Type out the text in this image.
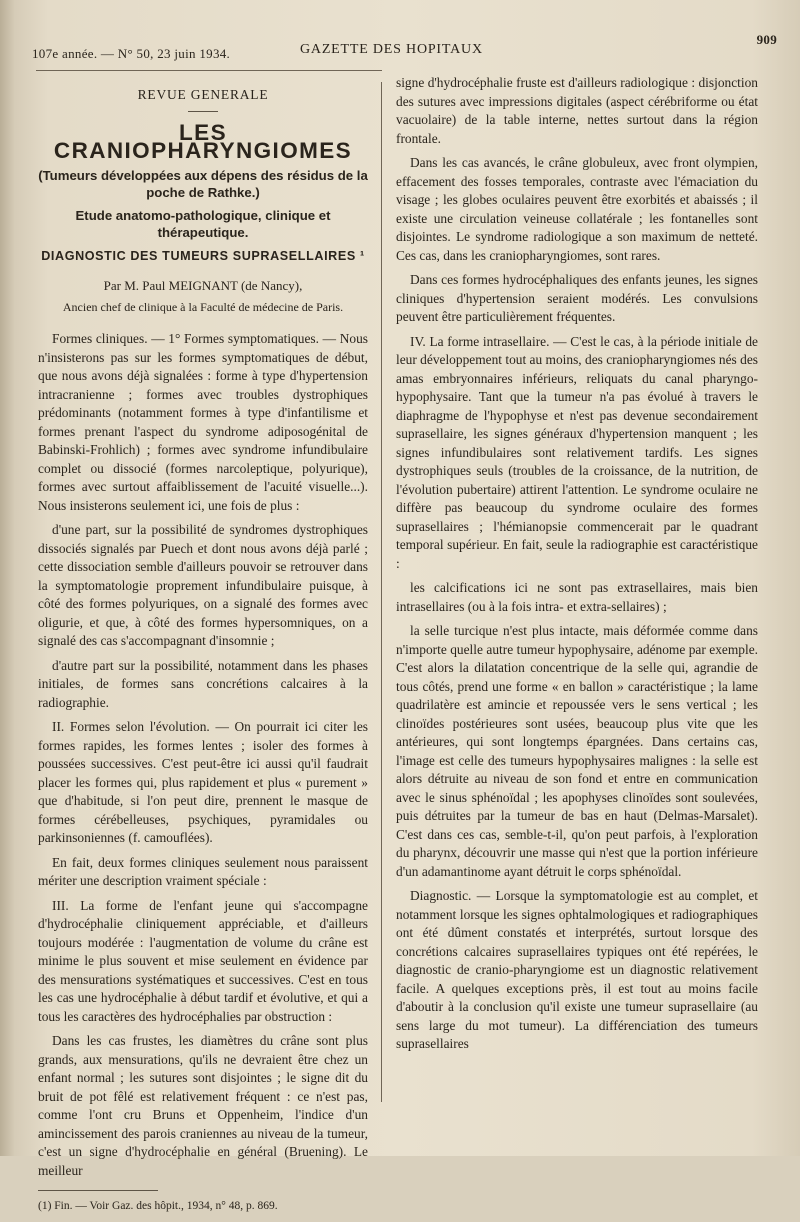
107e année. — N° 50, 23 juin 1934.	GAZETTE DES HOPITAUX
909
REVUE GENERALE
LES CRANIOPHARYNGIOMES
(Tumeurs développées aux dépens des résidus de la poche de Rathke.)
Etude anatomo-pathologique, clinique et thérapeutique.
DIAGNOSTIC DES TUMEURS SUPRASELLAIRES ¹
Par M. Paul MEIGNANT (de Nancy),
Ancien chef de clinique à la Faculté de médecine de Paris.

Formes cliniques. — 1° Formes symptomatiques. — Nous n'insisterons pas sur les formes symptomatiques de début, que nous avons déjà signalées : forme à type d'hypertension intracranienne ; formes avec troubles dystrophiques prédominants (notamment formes à type d'infantilisme et formes prenant l'aspect du syndrome adiposogénital de Babinski-Frohlich) ; formes avec syndrome infundibulaire complet ou dissocié (formes narcoleptique, polyurique), formes avec surtout affaiblissement de l'acuité visuelle...). Nous insisterons seulement ici, une fois de plus :

d'une part, sur la possibilité de syndromes dystrophiques dissociés signalés par Puech et dont nous avons déjà parlé ; cette dissociation semble d'ailleurs pouvoir se retrouver dans la symptomatologie proprement infundibulaire puisque, à côté des formes polyuriques, on a signalé des formes avec oligurie, et que, à côté des formes hypersomniques, on a signalé des cas s'accompagnant d'insomnie ;

d'autre part sur la possibilité, notamment dans les phases initiales, de formes sans concrétions calcaires à la radiographie.

II. Formes selon l'évolution. — On pourrait ici citer les formes rapides, les formes lentes ; isoler des formes à poussées successives. C'est peut-être ici aussi qu'il faudrait placer les formes qui, plus rapidement et plus « purement » que d'habitude, si l'on peut dire, prennent le masque de formes cérébelleuses, psychiques, pyramidales ou parkinsoniennes (f. camouflées).

En fait, deux formes cliniques seulement nous paraissent mériter une description vraiment spéciale :

III. La forme de l'enfant jeune qui s'accompagne d'hydrocéphalie cliniquement appréciable, et d'ailleurs toujours modérée : l'augmentation de volume du crâne est minime le plus souvent et mise seulement en évidence par des mensurations systématiques et successives. C'est en tous les cas une hydrocéphalie à début tardif et évolutive, et qui a tous les caractères des hydrocéphalies par obstruction :

Dans les cas frustes, les diamètres du crâne sont plus grands, aux mensurations, qu'ils ne devraient être chez un enfant normal ; les sutures sont disjointes ; le signe dit du bruit de pot fêlé est relativement fréquent : ce n'est pas, comme l'ont cru Bruns et Oppenheim, l'indice d'un amincissement des parois craniennes au niveau de la tumeur, c'est un signe d'hydrocéphalie en général (Bruening). Le meilleur

(1) Fin. — Voir Gaz. des hôpit., 1934, n° 48, p. 869.

signe d'hydrocéphalie fruste est d'ailleurs radiologique : disjonction des sutures avec impressions digitales (aspect cérébriforme ou état vacuolaire) de la table interne, nettes surtout dans la région frontale.

Dans les cas avancés, le crâne globuleux, avec front olympien, effacement des fosses temporales, contraste avec l'émaciation du visage ; les globes oculaires peuvent être exorbités et abaissés ; il existe une circulation veineuse collatérale ; les fontanelles sont disjointes. Le syndrome radiologique a son maximum de netteté. Ces cas, dans les craniopharyngiomes, sont rares.

Dans ces formes hydrocéphaliques des enfants jeunes, les signes cliniques d'hypertension seraient modérés. Les convulsions peuvent être particulièrement fréquentes.

IV. La forme intrasellaire. — C'est le cas, à la période initiale de leur développement tout au moins, des craniopharyngiomes nés des amas embryonnaires inférieurs, reliquats du canal pharyngo-hypophysaire. Tant que la tumeur n'a pas évolué à travers le diaphragme de l'hypophyse et n'est pas devenue secondairement suprasellaire, les signes généraux d'hypertension manquent ; les signes infundibulaires sont relativement tardifs. Les signes dystrophiques seuls (troubles de la croissance, de la nutrition, de l'évolution pubertaire) attirent l'attention. Le syndrome oculaire ne diffère pas beaucoup du syndrome oculaire des formes suprasellaires ; l'hémianopsie commencerait par le quadrant temporal supérieur. En fait, seule la radiographie est caractéristique :

les calcifications ici ne sont pas extrasellaires, mais bien intrasellaires (ou à la fois intra- et extra-sellaires) ;

la selle turcique n'est plus intacte, mais déformée comme dans n'importe quelle autre tumeur hypophysaire, adénome par exemple. C'est alors la dilatation concentrique de la selle qui, agrandie de tous côtés, prend une forme « en ballon » caractéristique ; la lame quadrilatère est amincie et repoussée vers le sens vertical ; les clinoïdes postérieures sont usées, beaucoup plus vite que les antérieures, qui sont longtemps épargnées. Dans certains cas, l'image est celle des tumeurs hypophysaires malignes : la selle est alors détruite au niveau de son fond et entre en communication avec le sinus sphénoïdal ; les apophyses clinoïdes sont soulevées, puis détruites par la tumeur de bas en haut (Delmas-Marsalet). C'est dans ces cas, semble-t-il, qu'on peut parfois, à l'exploration du pharynx, découvrir une masse qui n'est que la portion inférieure d'un adamantinome ayant détruit le corps sphénoïdal.

Diagnostic. — Lorsque la symptomatologie est au complet, et notamment lorsque les signes ophtalmologiques et radiographiques ont été dûment constatés et interprétés, surtout lorsque des concrétions calcaires suprasellaires typiques ont été repérées, le diagnostic de cranio-pharyngiome est un diagnostic relativement facile. A quelques exceptions près, il est tout au moins facile d'aboutir à la conclusion qu'il existe une tumeur suprasellaire (au sens large du mot tumeur). La différenciation des tumeurs suprasellaires
